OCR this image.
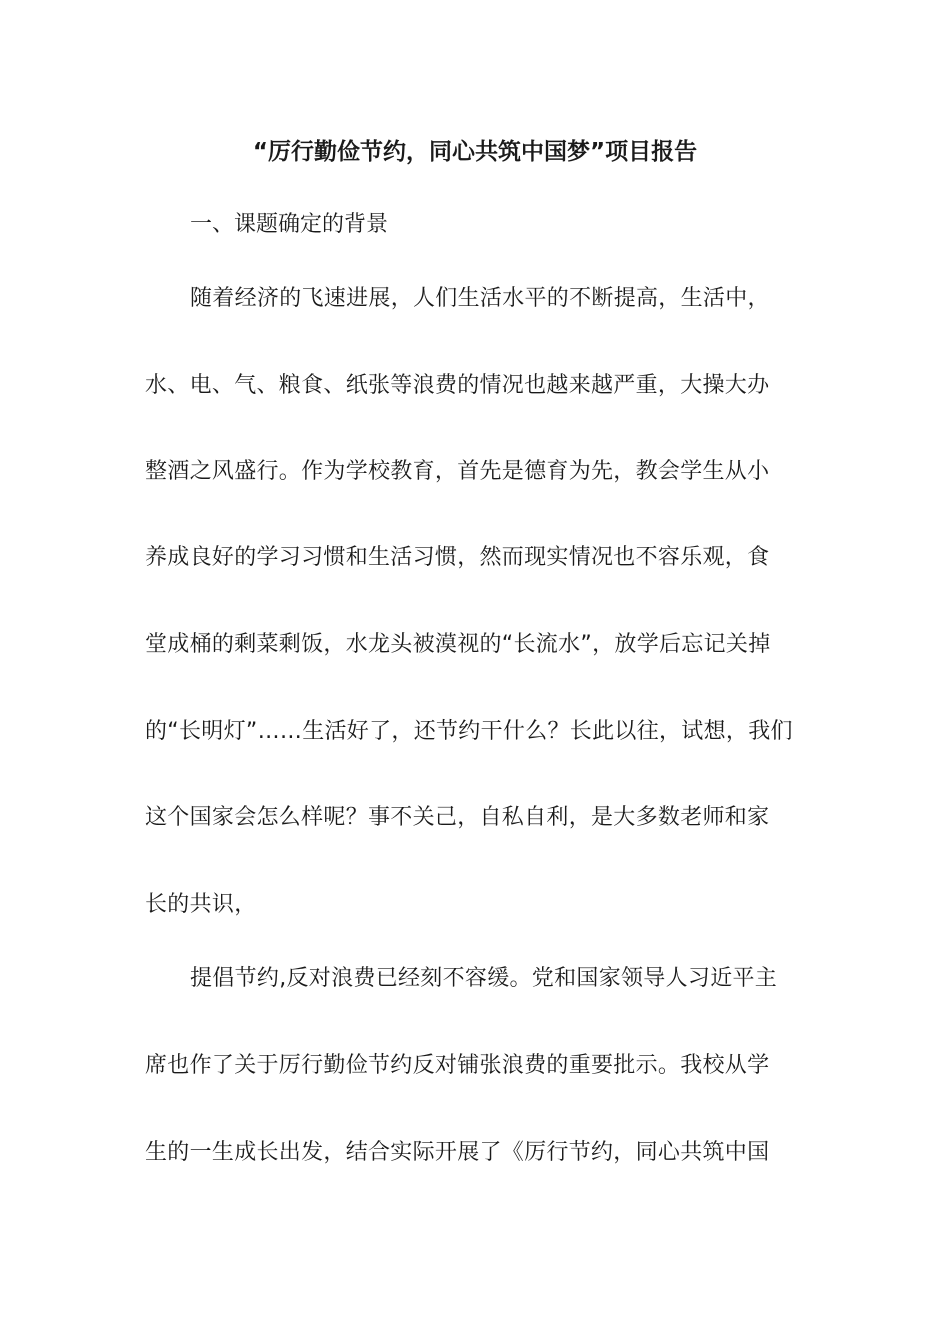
“厉行勤俭节约，同心共筑中国梦”项目报告
一、课题确定的背景
随着经济的飞速进展，人们生活水平的不断提高，生活中，
水、电、气、粮食、纸张等浪费的情况也越来越严重，大操大办
整酒之风盛行。作为学校教育，首先是德育为先，教会学生从小
养成良好的学习习惯和生活习惯，然而现实情况也不容乐观，食
堂成桶的剩菜剩饭，水龙头被漠视的“长流水”，放学后忘记关掉
的“长明灯”……生活好了，还节约干什么？长此以往，试想，我们
这个国家会怎么样呢？事不关己，自私自利，是大多数老师和家
长的共识，
提倡节约,反对浪费已经刻不容缓。党和国家领导人习近平主
席也作了关于厉行勤俭节约反对铺张浪费的重要批示。我校从学
生的一生成长出发，结合实际开展了《厉行节约，同心共筑中国
